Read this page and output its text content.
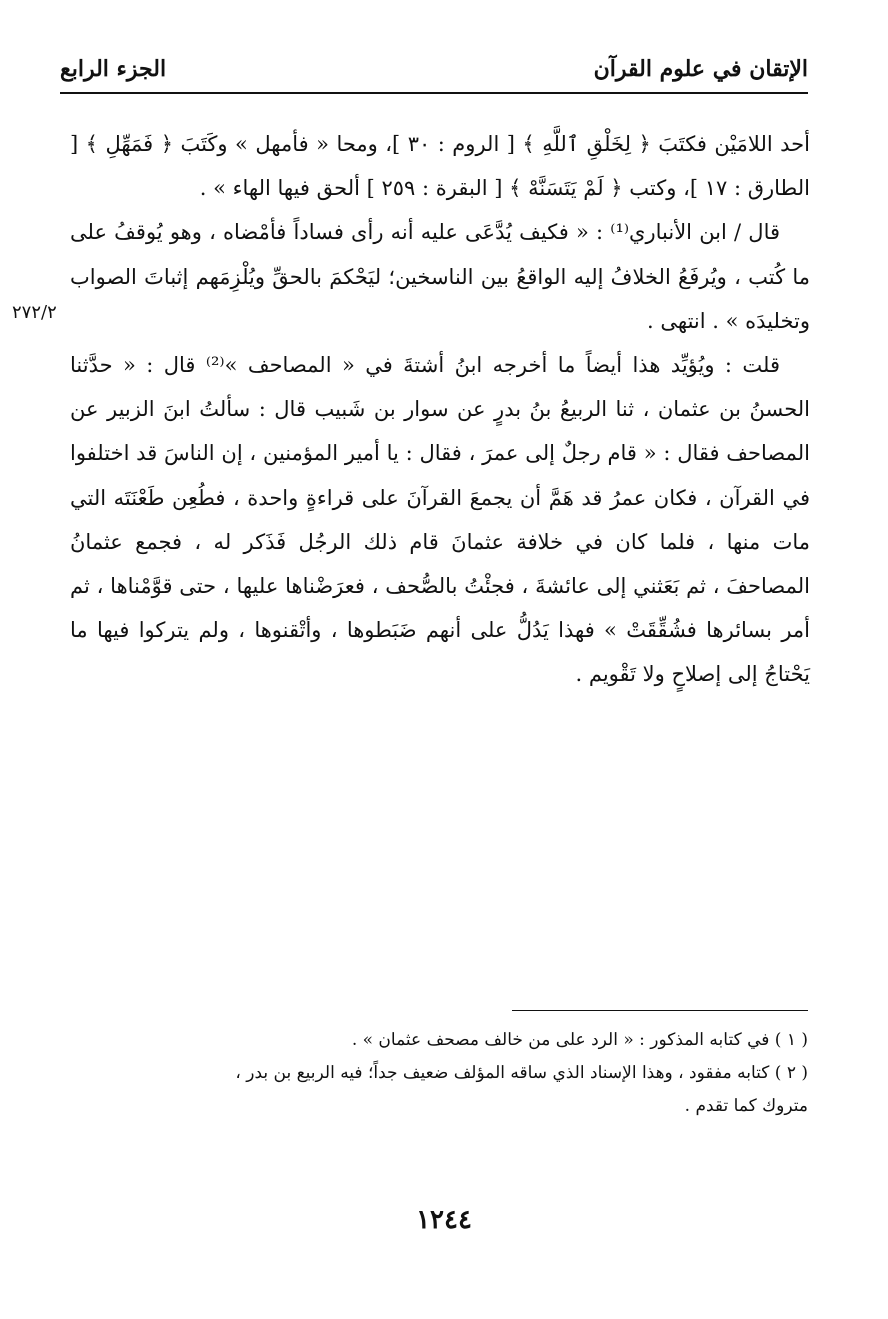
الإتقان في علوم القرآن
الجزء الرابع
٢٧٢/٢

أحد اللامَيْن فكتَبَ ﴿ لِخَلْقِ ٱللَّهِ ﴾ [ الروم : ٣٠ ]، ومحا « فأمهل » وكَتَبَ ﴿ فَمَهِّلِ ﴾ [ الطارق : ١٧ ]، وكتب ﴿ لَمْ يَتَسَنَّهْ ﴾ [ البقرة : ٢٥٩ ] ألحق فيها الهاء » .

قال / ابن الأنباري⁽¹⁾ : « فكيف يُدَّعَى عليه أنه رأى فساداً فأمْضاه ، وهو يُوقفُ على ما كُتب ، ويُرفَعُ الخلافُ إليه الواقعُ بين الناسخين؛ ليَحْكمَ بالحقِّ ويُلْزِمَهم إثباتَ الصواب وتخليدَه » . انتهى .

قلت : ويُؤيِّد هذا أيضاً ما أخرجه ابنُ أشتةَ في « المصاحف »⁽²⁾ قال : « حدَّثنا الحسنُ بن عثمان ، ثنا الربيعُ بنُ بدرٍ عن سوار بن شَبيب قال : سألتُ ابنَ الزبير عن المصاحف فقال : « قام رجلٌ إلى عمرَ ، فقال : يا أمير المؤمنين ، إن الناسَ قد اختلفوا في القرآن ، فكان عمرُ قد هَمَّ أن يجمعَ القرآنَ على قراءةٍ واحدة ، فطُعِن طَعْنَتَه التي مات منها ، فلما كان في خلافة عثمانَ قام ذلك الرجُل فَذَكر له ، فجمع عثمانُ المصاحفَ ، ثم بَعَثني إلى عائشةَ ، فجئْتُ بالصُّحف ، فعرَضْناها عليها ، حتى قوَّمْناها ، ثم أمر بسائرها فشُقِّقَتْ » فهذا يَدُلُّ على أنهم ضَبَطوها ، وأتْقنوها ، ولم يتركوا فيها ما يَحْتاجُ إلى إصلاحٍ ولا تَقْويم .

( ١ ) في كتابه المذكور : « الرد على من خالف مصحف عثمان » .

( ٢ ) كتابه مفقود ، وهذا الإسناد الذي ساقه المؤلف ضعيف جداً؛ فيه الربيع بن بدر ،

متروك كما تقدم .

١٢٤٤
